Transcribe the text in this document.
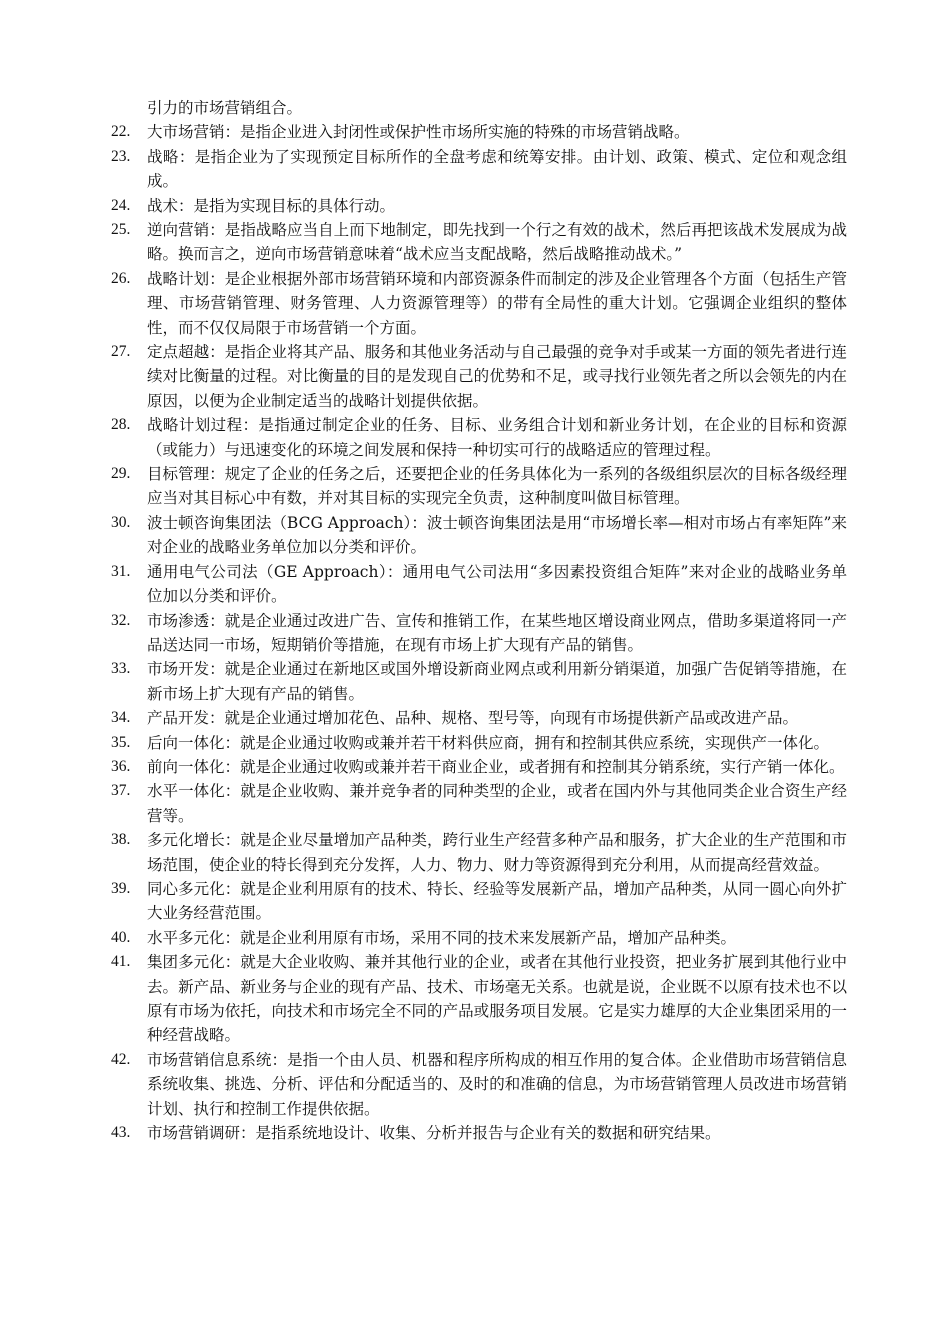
引力的市场营销组合。
22.	大市场营销：是指企业进入封闭性或保护性市场所实施的特殊的市场营销战略。
23.	战略：是指企业为了实现预定目标所作的全盘考虑和统筹安排。由计划、政策、模式、定位和观念组成。
24.	战术：是指为实现目标的具体行动。
25.	逆向营销：是指战略应当自上而下地制定，即先找到一个行之有效的战术，然后再把该战术发展成为战略。换而言之，逆向市场营销意味着“战术应当支配战略，然后战略推动战术。”
26.	战略计划：是企业根据外部市场营销环境和内部资源条件而制定的涉及企业管理各个方面（包括生产管理、市场营销管理、财务管理、人力资源管理等）的带有全局性的重大计划。它强调企业组织的整体性，而不仅仅局限于市场营销一个方面。
27.	定点超越：是指企业将其产品、服务和其他业务活动与自己最强的竞争对手或某一方面的领先者进行连续对比衡量的过程。对比衡量的目的是发现自己的优势和不足，或寻找行业领先者之所以会领先的内在原因，以便为企业制定适当的战略计划提供依据。
28.	战略计划过程：是指通过制定企业的任务、目标、业务组合计划和新业务计划，在企业的目标和资源（或能力）与迅速变化的环境之间发展和保持一种切实可行的战略适应的管理过程。
29.	目标管理：规定了企业的任务之后，还要把企业的任务具体化为一系列的各级组织层次的目标各级经理应当对其目标心中有数，并对其目标的实现完全负责，这种制度叫做目标管理。
30.	波士顿咨询集团法（BCG Approach）：波士顿咨询集团法是用“市场增长率—相对市场占有率矩阵”来对企业的战略业务单位加以分类和评价。
31.	通用电气公司法（GE Approach）：通用电气公司法用“多因素投资组合矩阵”来对企业的战略业务单位加以分类和评价。
32.	市场渗透：就是企业通过改进广告、宣传和推销工作，在某些地区增设商业网点，借助多渠道将同一产品送达同一市场，短期销价等措施，在现有市场上扩大现有产品的销售。
33.	市场开发：就是企业通过在新地区或国外增设新商业网点或利用新分销渠道，加强广告促销等措施，在新市场上扩大现有产品的销售。
34.	产品开发：就是企业通过增加花色、品种、规格、型号等，向现有市场提供新产品或改进产品。
35.	后向一体化：就是企业通过收购或兼并若干材料供应商，拥有和控制其供应系统，实现供产一体化。
36.	前向一体化：就是企业通过收购或兼并若干商业企业，或者拥有和控制其分销系统，实行产销一体化。
37.	水平一体化：就是企业收购、兼并竞争者的同种类型的企业，或者在国内外与其他同类企业合资生产经营等。
38.	多元化增长：就是企业尽量增加产品种类，跨行业生产经营多种产品和服务，扩大企业的生产范围和市场范围，使企业的特长得到充分发挥，人力、物力、财力等资源得到充分利用，从而提高经营效益。
39.	同心多元化：就是企业利用原有的技术、特长、经验等发展新产品，增加产品种类，从同一圆心向外扩大业务经营范围。
40.	水平多元化：就是企业利用原有市场，采用不同的技术来发展新产品，增加产品种类。
41.	集团多元化：就是大企业收购、兼并其他行业的企业，或者在其他行业投资，把业务扩展到其他行业中去。新产品、新业务与企业的现有产品、技术、市场毫无关系。也就是说，企业既不以原有技术也不以原有市场为依托，向技术和市场完全不同的产品或服务项目发展。它是实力雄厚的大企业集团采用的一种经营战略。
42.	市场营销信息系统：是指一个由人员、机器和程序所构成的相互作用的复合体。企业借助市场营销信息系统收集、挑选、分析、评估和分配适当的、及时的和准确的信息，为市场营销管理人员改进市场营销计划、执行和控制工作提供依据。
43.	市场营销调研：是指系统地设计、收集、分析并报告与企业有关的数据和研究结果。
